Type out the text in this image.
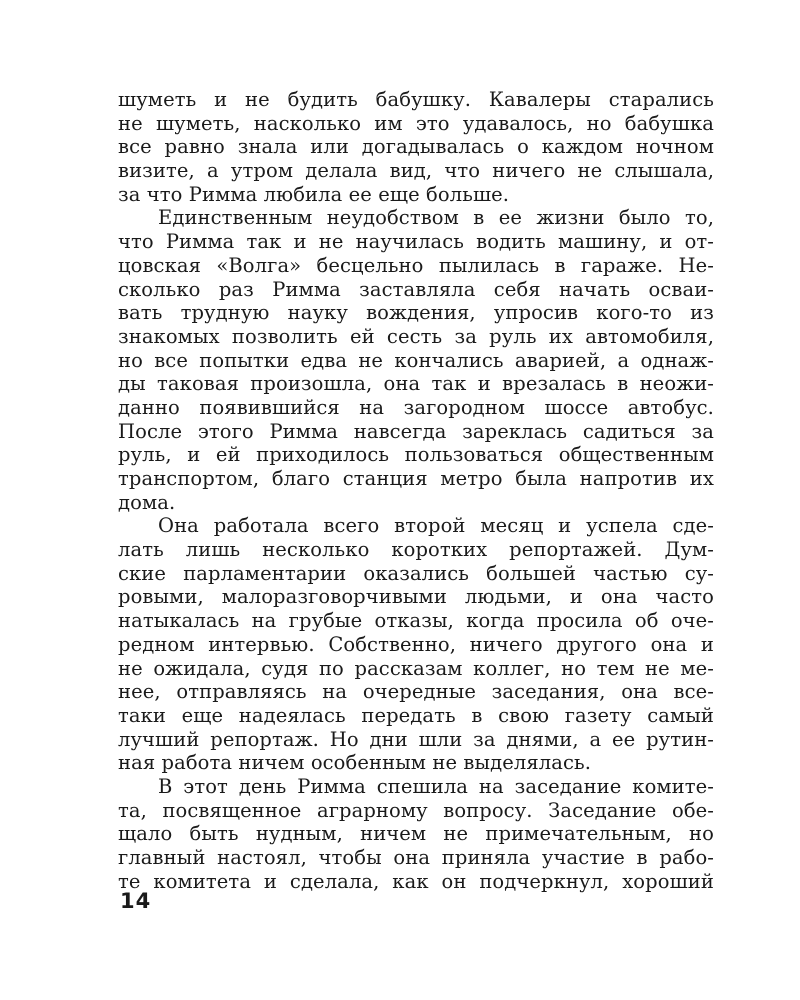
шуметь и не будить бабушку. Кавалеры старались
не шуметь, насколько им это удавалось, но бабушка
все равно знала или догадывалась о каждом ночном
визите, а утром делала вид, что ничего не слышала,
за что Римма любила ее еще больше.
Единственным неудобством в ее жизни было то,
что Римма так и не научилась водить машину, и от-
цовская «Волга» бесцельно пылилась в гараже. Не-
сколько раз Римма заставляла себя начать осваи-
вать трудную науку вождения, упросив кого-то из
знакомых позволить ей сесть за руль их автомобиля,
но все попытки едва не кончались аварией, а однаж-
ды таковая произошла, она так и врезалась в неожи-
данно появившийся на загородном шоссе автобус.
После этого Римма навсегда зареклась садиться за
руль, и ей приходилось пользоваться общественным
транспортом, благо станция метро была напротив их
дома.
Она работала всего второй месяц и успела сде-
лать лишь несколько коротких репортажей. Дум-
ские парламентарии оказались большей частью су-
ровыми, малоразговорчивыми людьми, и она часто
натыкалась на грубые отказы, когда просила об оче-
редном интервью. Собственно, ничего другого она и
не ожидала, судя по рассказам коллег, но тем не ме-
нее, отправляясь на очередные заседания, она все-
таки еще надеялась передать в свою газету самый
лучший репортаж. Но дни шли за днями, а ее рутин-
ная работа ничем особенным не выделялась.
В этот день Римма спешила на заседание комите-
та, посвященное аграрному вопросу. Заседание обе-
щало быть нудным, ничем не примечательным, но
главный настоял, чтобы она приняла участие в рабо-
те комитета и сделала, как он подчеркнул, хороший
14
